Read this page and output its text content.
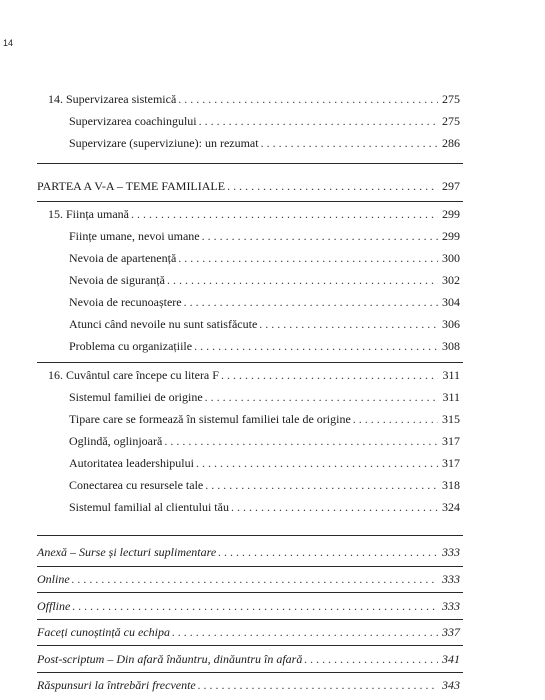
14
14. Supervizarea sistemică . . .	275
Supervizarea coachingului . . .	275
Supervizare (superviziune): un rezumat . . .	286
PARTEA A V-A – TEME FAMILIALE . . .	297
15. Ființa umană . . .	299
Ființe umane, nevoi umane . . .	299
Nevoia de apartenență . . .	300
Nevoia de siguranță . . .	302
Nevoia de recunoaștere . . .	304
Atunci când nevoile nu sunt satisfăcute . . .	306
Problema cu organizațiile . . .	308
16. Cuvântul care începe cu litera F . . .	311
Sistemul familiei de origine . . .	311
Tipare care se formează în sistemul familiei tale de origine . . .	315
Oglindă, oglinjoară . . .	317
Autoritatea leadershipului . . .	317
Conectarea cu resursele tale . . .	318
Sistemul familial al clientului tău . . .	324
Anexă – Surse și lecturi suplimentare . . .	333
Online . . .	333
Offline . . .	333
Faceți cunoștință cu echipa . . .	337
Post-scriptum – Din afară înăuntru, dinăuntru în afară . . .	341
Răspunsuri la întrebări frecvente . . .	343
